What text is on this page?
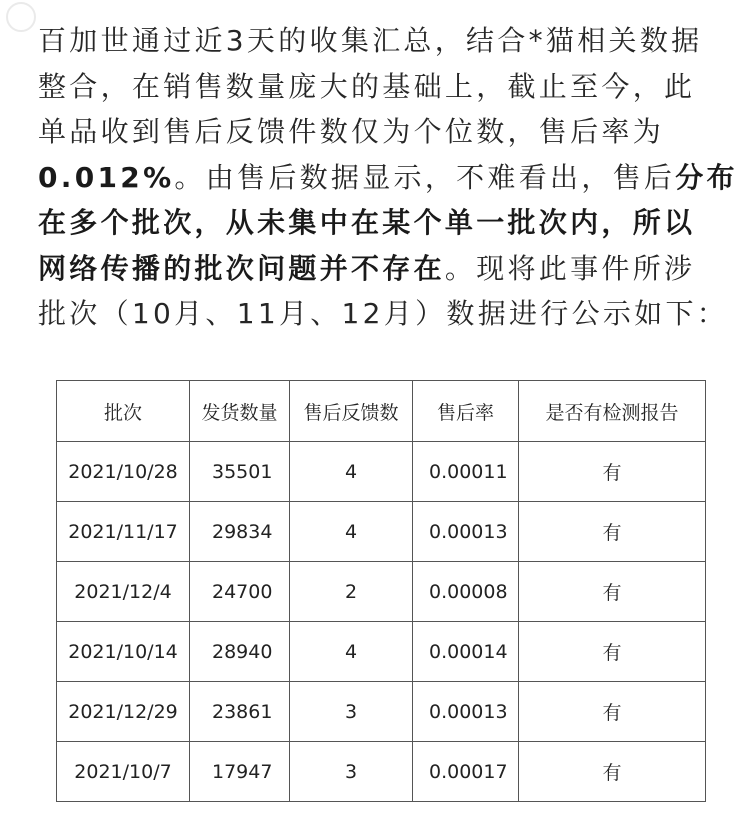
百加世通过近3天的收集汇总，结合*猫相关数据
整合，在销售数量庞大的基础上，截止至今，此
单品收到售后反馈件数仅为个位数，售后率为
0.012%。由售后数据显示，不难看出，售后分布
在多个批次，从未集中在某个单一批次内，所以
网络传播的批次问题并不存在。现将此事件所涉
批次（10月、11月、12月）数据进行公示如下：
批次	发货数量	售后反馈数	售后率	是否有检测报告
2021/10/28	35501	4	0.00011	有
2021/11/17	29834	4	0.00013	有
2021/12/4	24700	2	0.00008	有
2021/10/14	28940	4	0.00014	有
2021/12/29	23861	3	0.00013	有
2021/10/7	17947	3	0.00017	有
